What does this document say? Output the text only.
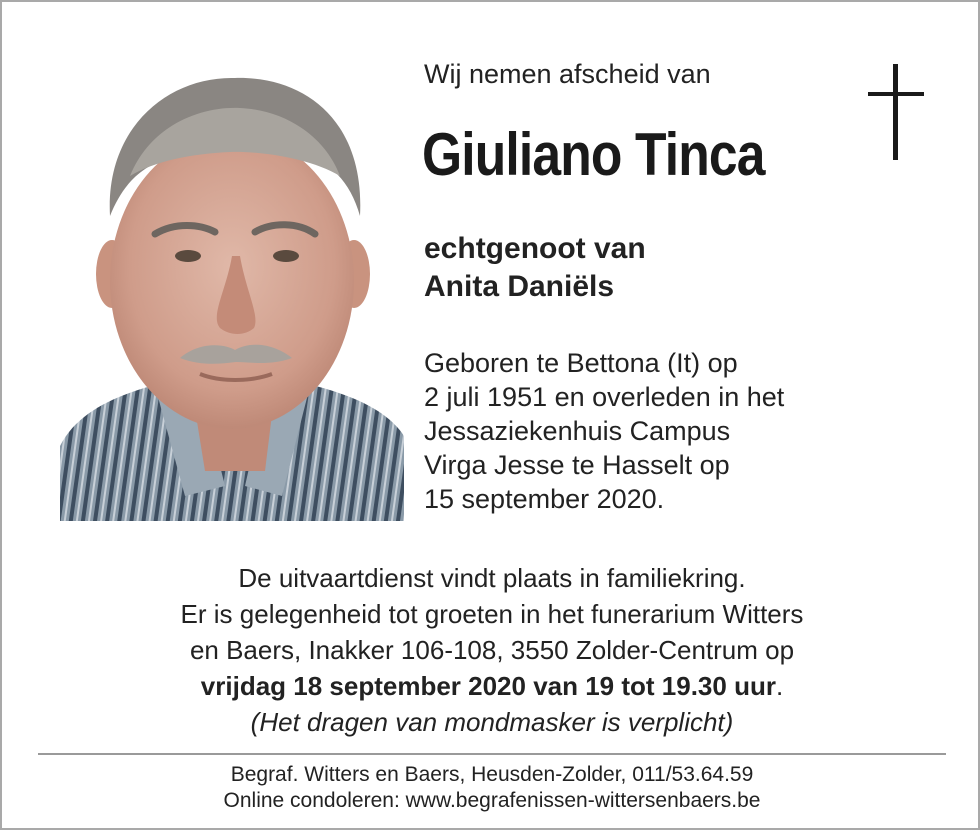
Wij nemen afscheid van
Giuliano Tinca
echtgenoot van
Anita Daniëls
Geboren te Bettona (It) op
2 juli 1951 en overleden in het
Jessaziekenhuis Campus
Virga Jesse te Hasselt op
15 september 2020.
De uitvaartdienst vindt plaats in familiekring.
Er is gelegenheid tot groeten in het funerarium Witters
en Baers, Inakker 106-108, 3550 Zolder-Centrum op
vrijdag 18 september 2020 van 19 tot 19.30 uur.
(Het dragen van mondmasker is verplicht)
Begraf. Witters en Baers, Heusden-Zolder, 011/53.64.59
Online condoleren: www.begrafenissen-wittersenbaers.be
